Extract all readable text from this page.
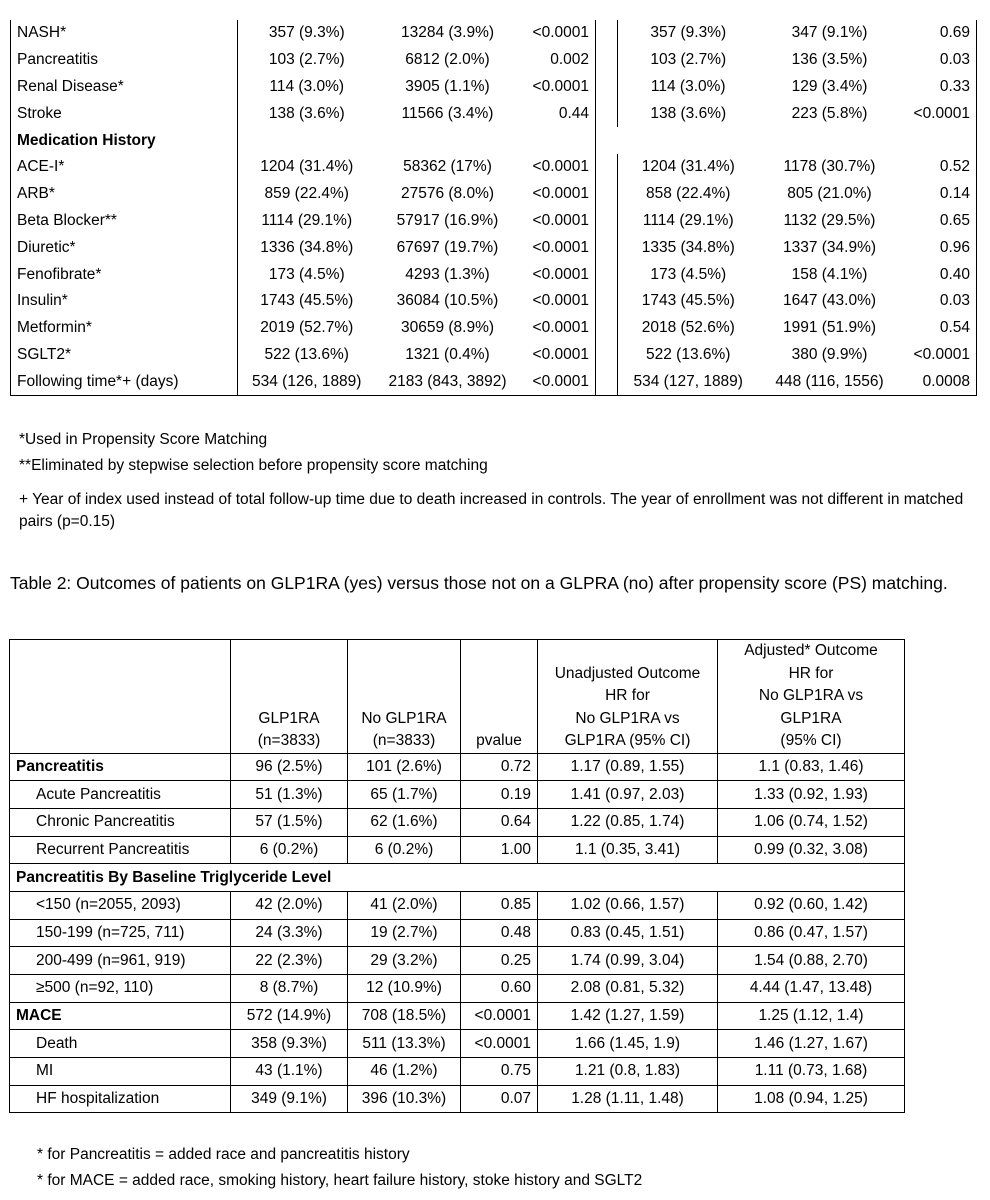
NASH*	357 (9.3%)	13284 (3.9%)	<0.0001		357 (9.3%)	347 (9.1%)	0.69
Pancreatitis	103 (2.7%)	6812 (2.0%)	0.002		103 (2.7%)	136 (3.5%)	0.03
Renal Disease*	114 (3.0%)	3905 (1.1%)	<0.0001		114 (3.0%)	129 (3.4%)	0.33
Stroke	138 (3.6%)	11566 (3.4%)	0.44		138 (3.6%)	223 (5.8%)	<0.0001
Medication History							
ACE-I*	1204 (31.4%)	58362 (17%)	<0.0001		1204 (31.4%)	1178 (30.7%)	0.52
ARB*	859 (22.4%)	27576 (8.0%)	<0.0001		858 (22.4%)	805 (21.0%)	0.14
Beta Blocker**	1114 (29.1%)	57917 (16.9%)	<0.0001		1114 (29.1%)	1132 (29.5%)	0.65
Diuretic*	1336 (34.8%)	67697 (19.7%)	<0.0001		1335 (34.8%)	1337 (34.9%)	0.96
Fenofibrate*	173 (4.5%)	4293 (1.3%)	<0.0001		173 (4.5%)	158 (4.1%)	0.40
Insulin*	1743 (45.5%)	36084 (10.5%)	<0.0001		1743 (45.5%)	1647 (43.0%)	0.03
Metformin*	2019 (52.7%)	30659 (8.9%)	<0.0001		2018 (52.6%)	1991 (51.9%)	0.54
SGLT2*	522 (13.6%)	1321 (0.4%)	<0.0001		522 (13.6%)	380 (9.9%)	<0.0001
Following time*+ (days)	534 (126, 1889)	2183 (843, 3892)	<0.0001		534 (127, 1889)	448 (116, 1556)	0.0008
*Used in Propensity Score Matching
**Eliminated by stepwise selection before propensity score matching
+ Year of index used instead of total follow-up time due to death increased in controls. The year of enrollment was not different in matched pairs (p=0.15)
Table 2: Outcomes of patients on GLP1RA (yes) versus those not on a GLPRA (no) after propensity score (PS) matching.

	GLP1RA
(n=3833)	No GLP1RA
(n=3833)	pvalue	Unadjusted Outcome
HR for
No GLP1RA vs
GLP1RA (95% CI)	Adjusted* Outcome
HR for
No GLP1RA vs
GLP1RA
(95% CI)

Pancreatitis	96 (2.5%)	101 (2.6%)	0.72	1.17 (0.89, 1.55)	1.1 (0.83, 1.46)
Acute Pancreatitis	51 (1.3%)	65 (1.7%)	0.19	1.41 (0.97, 2.03)	1.33 (0.92, 1.93)
Chronic Pancreatitis	57 (1.5%)	62 (1.6%)	0.64	1.22 (0.85, 1.74)	1.06 (0.74, 1.52)
Recurrent Pancreatitis	6 (0.2%)	6 (0.2%)	1.00	1.1 (0.35, 3.41)	0.99 (0.32, 3.08)
Pancreatitis By Baseline Triglyceride Level					
<150 (n=2055, 2093)	42 (2.0%)	41 (2.0%)	0.85	1.02 (0.66, 1.57)	0.92 (0.60, 1.42)
150-199 (n=725, 711)	24 (3.3%)	19 (2.7%)	0.48	0.83 (0.45, 1.51)	0.86 (0.47, 1.57)
200-499 (n=961, 919)	22 (2.3%)	29 (3.2%)	0.25	1.74 (0.99, 3.04)	1.54 (0.88, 2.70)
≥500 (n=92, 110)	8 (8.7%)	12 (10.9%)	0.60	2.08 (0.81, 5.32)	4.44 (1.47, 13.48)
MACE	572 (14.9%)	708 (18.5%)	<0.0001	1.42 (1.27, 1.59)	1.25 (1.12, 1.4)
Death	358 (9.3%)	511 (13.3%)	<0.0001	1.66 (1.45, 1.9)	1.46 (1.27, 1.67)
MI	43 (1.1%)	46 (1.2%)	0.75	1.21 (0.8, 1.83)	1.11 (0.73, 1.68)
HF hospitalization	349 (9.1%)	396 (10.3%)	0.07	1.28 (1.11, 1.48)	1.08 (0.94, 1.25)
* for Pancreatitis = added race and pancreatitis history
* for MACE = added race, smoking history, heart failure history, stoke history and SGLT2
